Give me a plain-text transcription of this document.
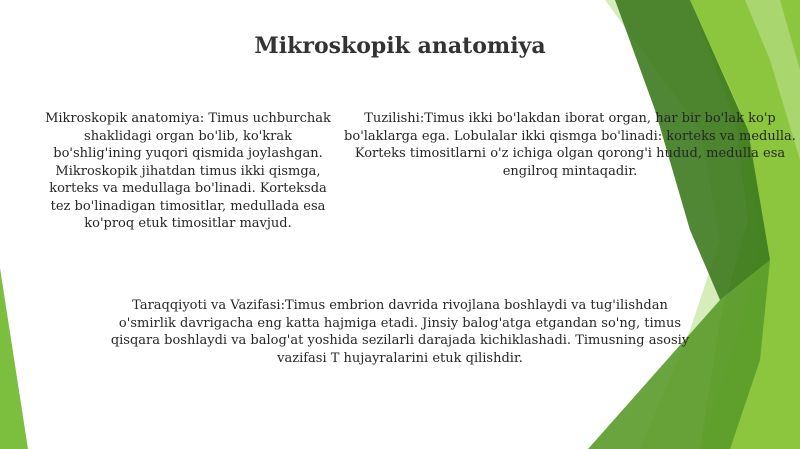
Mikroskopik anatomiya

Mikroskopik anatomiya: Timus uchburchak shaklidagi organ bo'lib, ko'krak bo'shlig'ining yuqori qismida joylashgan. Mikroskopik jihatdan timus ikki qismga, korteks va medullaga bo'linadi. Korteksda tez bo'linadigan timositlar, medullada esa ko'proq etuk timositlar mavjud.

Tuzilishi:Timus ikki bo'lakdan iborat organ, har bir bo'lak ko'p bo'laklarga ega. Lobulalar ikki qismga bo'linadi: korteks va medulla. Korteks timositlarni o'z ichiga olgan qorong'i hudud, medulla esa engilroq mintaqadir.

Taraqqiyoti va Vazifasi:Timus embrion davrida rivojlana boshlaydi va tug'ilishdan o'smirlik davrigacha eng katta hajmiga etadi. Jinsiy balog'atga etgandan so'ng, timus qisqara boshlaydi va balog'at yoshida sezilarli darajada kichiklashadi. Timusning asosiy vazifasi T hujayralarini etuk qilishdir.
